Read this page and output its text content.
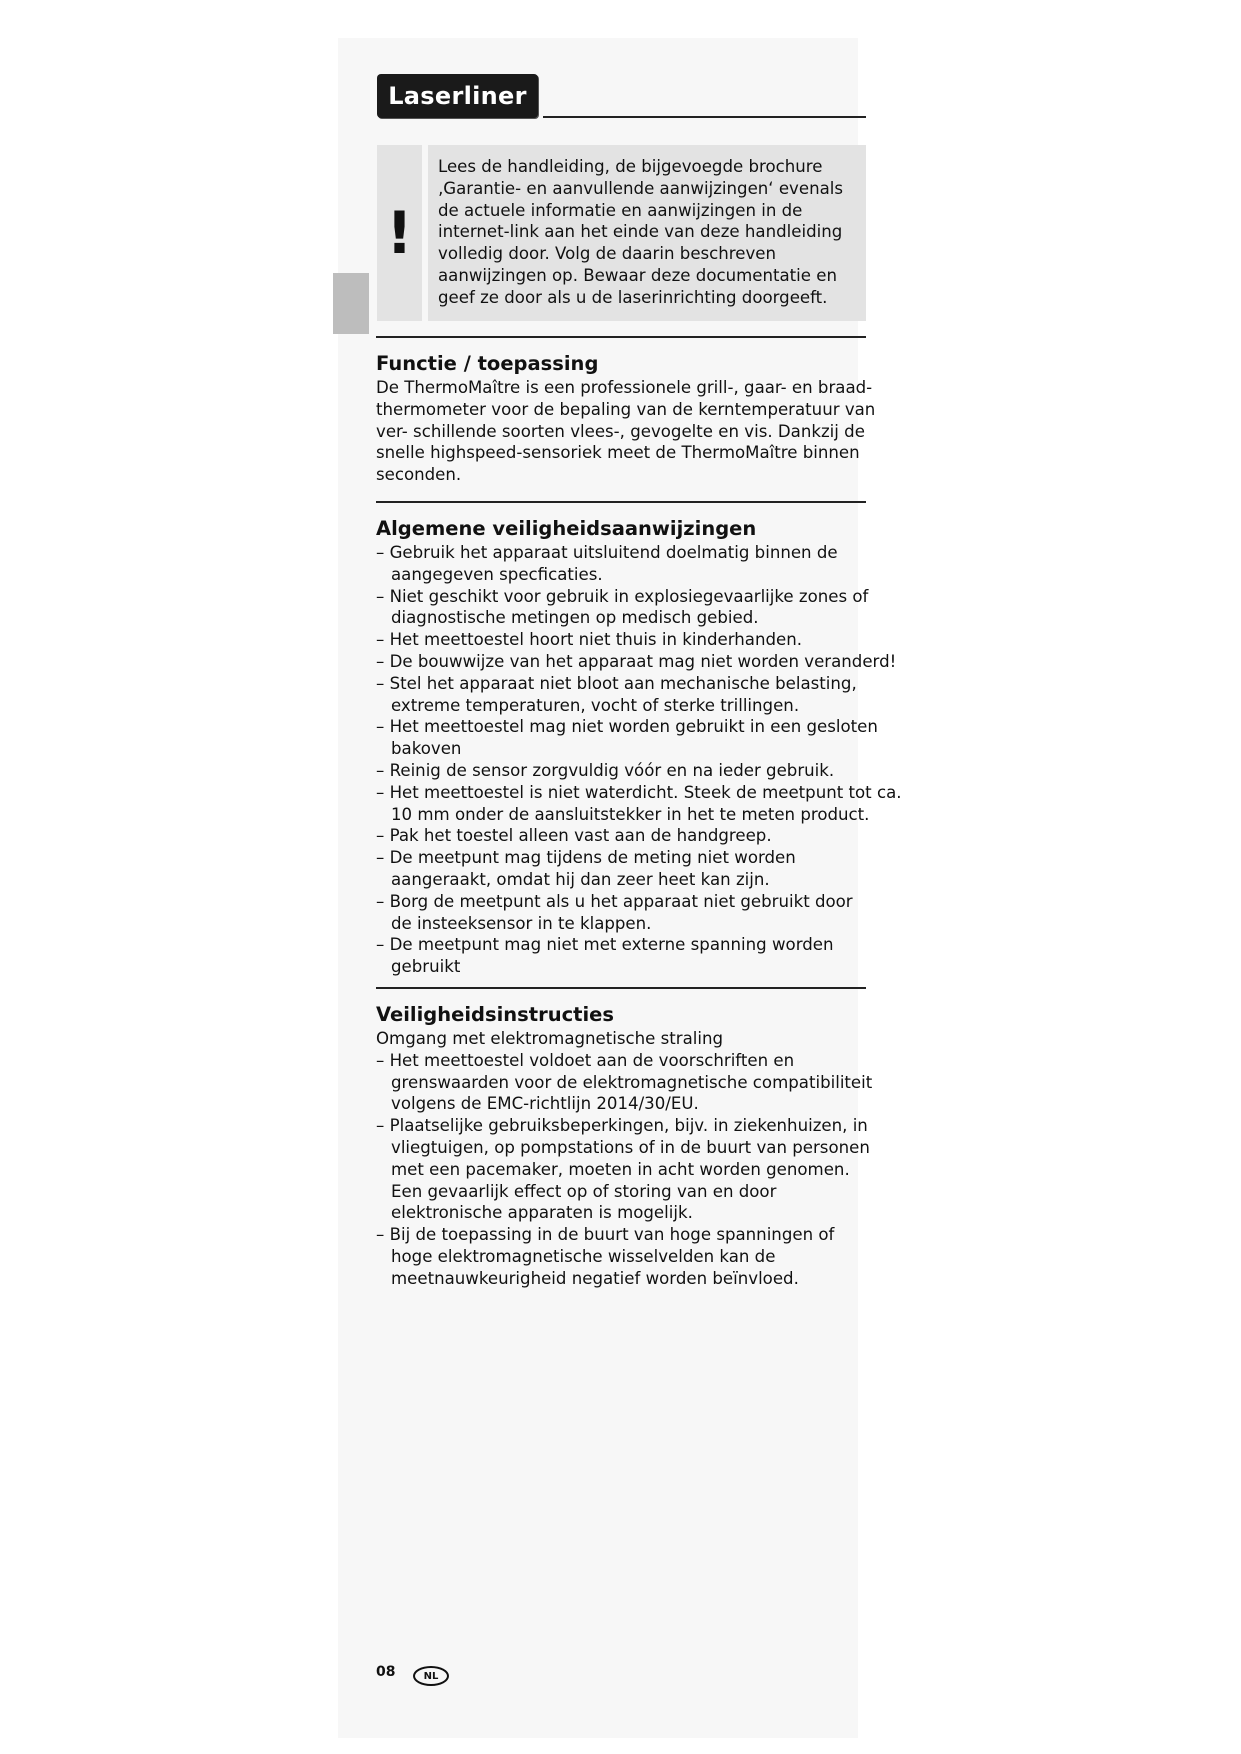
Laserliner
!

Lees de handleiding, de bijgevoegde brochure

‚Garantie- en aanvullende aanwijzingen‘ evenals

de actuele informatie en aanwijzingen in de

internet-link aan het einde van deze handleiding

volledig door. Volg de daarin beschreven

aanwijzingen op. Bewaar deze documentatie en

geef ze door als u de laserinrichting doorgeeft.

Functie / toepassing

De ThermoMaître is een professionele grill-, gaar- en braad-

thermometer voor de bepaling van de kerntemperatuur van

ver- schillende soorten vlees-, gevogelte en vis. Dankzij de

snelle highspeed-sensoriek meet de ThermoMaître binnen

seconden.

Algemene veiligheidsaanwijzingen

– Gebruik het apparaat uitsluitend doelmatig binnen de
aangegeven specficaties.

– Niet geschikt voor gebruik in explosiegevaarlijke zones of
diagnostische metingen op medisch gebied.

– Het meettoestel hoort niet thuis in kinderhanden.

– De bouwwijze van het apparaat mag niet worden veranderd!

– Stel het apparaat niet bloot aan mechanische belasting,
extreme temperaturen, vocht of sterke trillingen.

– Het meettoestel mag niet worden gebruikt in een gesloten
bakoven

– Reinig de sensor zorgvuldig vóór en na ieder gebruik.

– Het meettoestel is niet waterdicht. Steek de meetpunt tot ca.
10 mm onder de aansluitstekker in het te meten product.

– Pak het toestel alleen vast aan de handgreep.

– De meetpunt mag tijdens de meting niet worden
aangeraakt, omdat hij dan zeer heet kan zijn.

– Borg de meetpunt als u het apparaat niet gebruikt door
de insteeksensor in te klappen.

– De meetpunt mag niet met externe spanning worden
gebruikt

Veiligheidsinstructies

Omgang met elektromagnetische straling

– Het meettoestel voldoet aan de voorschriften en
grenswaarden voor de elektromagnetische compatibiliteit
volgens de EMC-richtlijn 2014/30/EU.

– Plaatselijke gebruiksbeperkingen, bijv. in ziekenhuizen, in
vliegtuigen, op pompstations of in de buurt van personen
met een pacemaker, moeten in acht worden genomen.
Een gevaarlijk effect op of storing van en door
elektronische apparaten is mogelijk.

– Bij de toepassing in de buurt van hoge spanningen of
hoge elektromagnetische wisselvelden kan de
meetnauwkeurigheid negatief worden beïnvloed.

08	NL
